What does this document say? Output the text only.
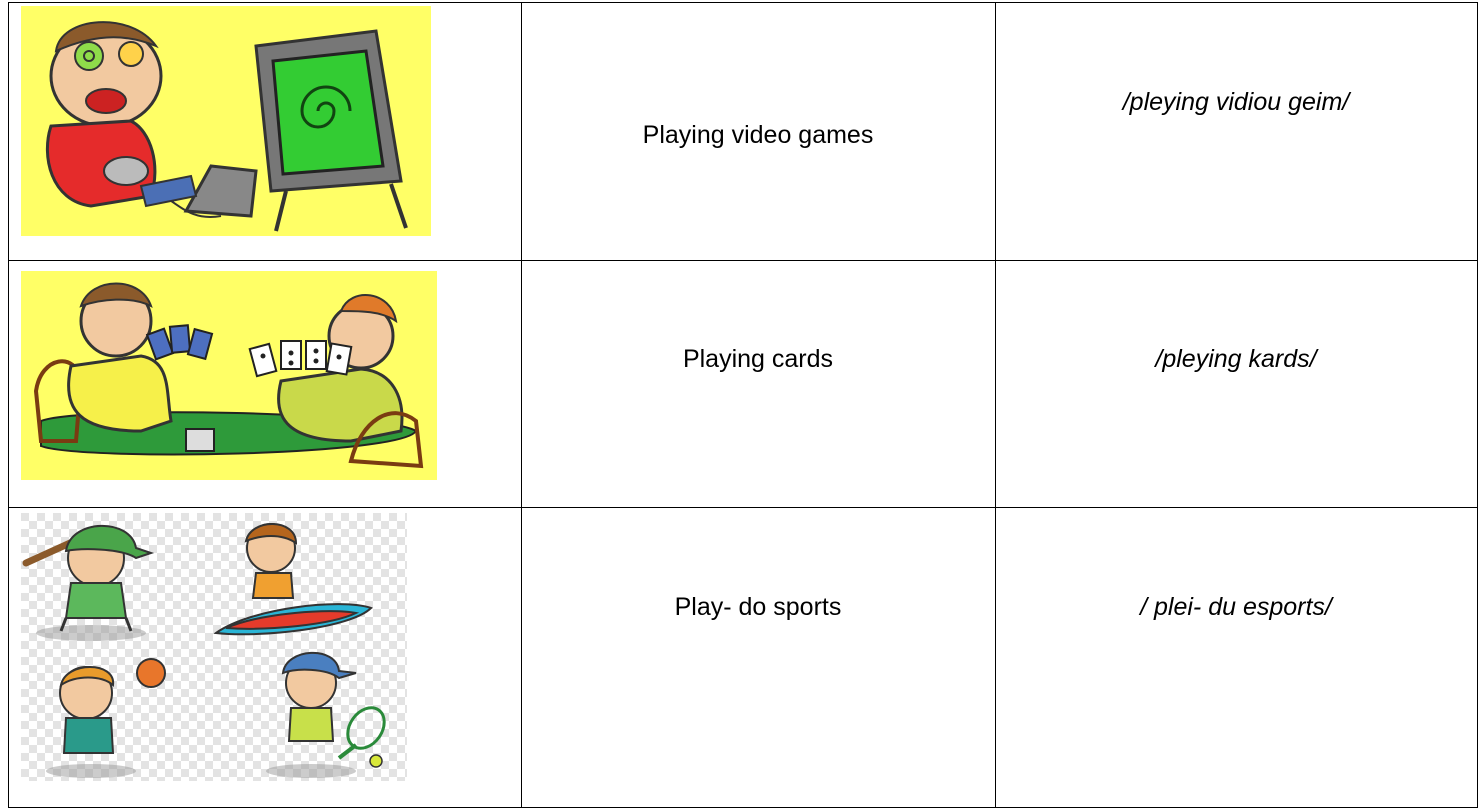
Playing video games
/pleying vidiou geim/
Playing cards	/pleying kards/
Play- do sports	/ plei- du esports/
